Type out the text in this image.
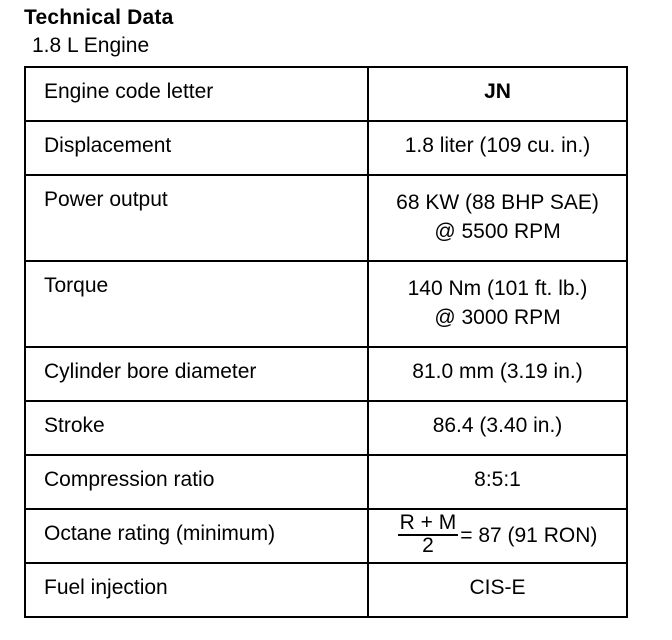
Technical Data
1.8 L Engine
Engine code letter	JN
Displacement	1.8 liter (109 cu. in.)
Power output	68 KW (88 BHP SAE)
@ 5500 RPM

Torque	140 Nm (101 ft. lb.)
@ 3000 RPM

Cylinder bore diameter	81.0 mm (3.19 in.)
Stroke	86.4 (3.40 in.)
Compression ratio	8:5:1
Octane rating (minimum)	$\frac{R + M}{2} = 87$ (91 RON)
Fuel injection	CIS-E
